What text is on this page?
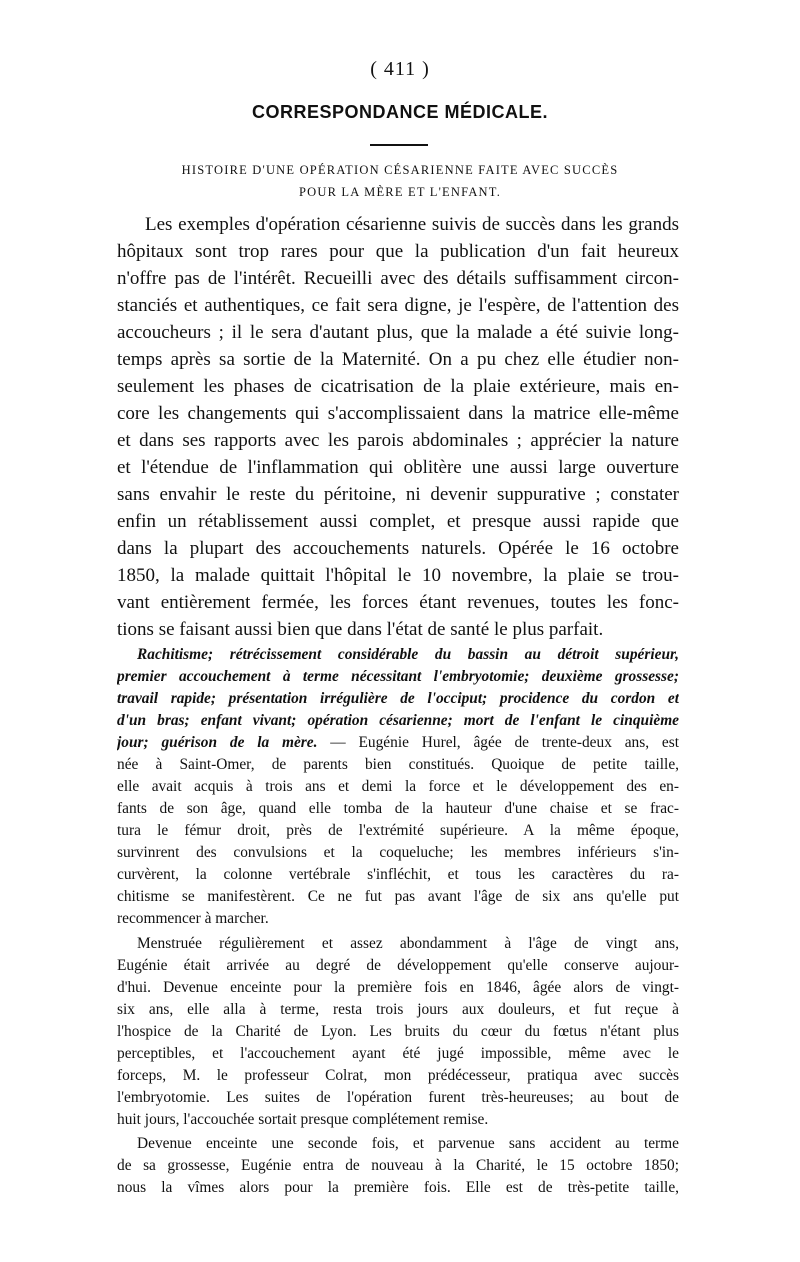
( 411 )
CORRESPONDANCE MÉDICALE.
HISTOIRE D'UNE OPÉRATION CÉSARIENNE FAITE AVEC SUCCÈS
POUR LA MÈRE ET L'ENFANT.
Les exemples d'opération césarienne suivis de succès dans les grands
hôpitaux sont trop rares pour que la publication d'un fait heureux
n'offre pas de l'intérêt. Recueilli avec des détails suffisamment circon-
stanciés et authentiques, ce fait sera digne, je l'espère, de l'attention des
accoucheurs ; il le sera d'autant plus, que la malade a été suivie long-
temps après sa sortie de la Maternité. On a pu chez elle étudier non-
seulement les phases de cicatrisation de la plaie extérieure, mais en-
core les changements qui s'accomplissaient dans la matrice elle-même
et dans ses rapports avec les parois abdominales ; apprécier la nature
et l'étendue de l'inflammation qui oblitère une aussi large ouverture
sans envahir le reste du péritoine, ni devenir suppurative ; constater
enfin un rétablissement aussi complet, et presque aussi rapide que
dans la plupart des accouchements naturels. Opérée le 16 octobre
1850, la malade quittait l'hôpital le 10 novembre, la plaie se trou-
vant entièrement fermée, les forces étant revenues, toutes les fonc-
tions se faisant aussi bien que dans l'état de santé le plus parfait.
Rachitisme; rétrécissement considérable du bassin au détroit supérieur,
premier accouchement à terme nécessitant l'embryotomie; deuxième grossesse;
travail rapide; présentation irrégulière de l'occiput; procidence du cordon et
d'un bras; enfant vivant; opération césarienne; mort de l'enfant le cinquième
jour; guérison de la mère. — Eugénie Hurel, âgée de trente-deux ans, est
née à Saint-Omer, de parents bien constitués. Quoique de petite taille,
elle avait acquis à trois ans et demi la force et le développement des en-
fants de son âge, quand elle tomba de la hauteur d'une chaise et se frac-
tura le fémur droit, près de l'extrémité supérieure. A la même époque,
survinrent des convulsions et la coqueluche; les membres inférieurs s'in-
curvèrent, la colonne vertébrale s'infléchit, et tous les caractères du ra-
chitisme se manifestèrent. Ce ne fut pas avant l'âge de six ans qu'elle put
recommencer à marcher.
Menstruée régulièrement et assez abondamment à l'âge de vingt ans,
Eugénie était arrivée au degré de développement qu'elle conserve aujour-
d'hui. Devenue enceinte pour la première fois en 1846, âgée alors de vingt-
six ans, elle alla à terme, resta trois jours aux douleurs, et fut reçue à
l'hospice de la Charité de Lyon. Les bruits du cœur du fœtus n'étant plus
perceptibles, et l'accouchement ayant été jugé impossible, même avec le
forceps, M. le professeur Colrat, mon prédécesseur, pratiqua avec succès
l'embryotomie. Les suites de l'opération furent très-heureuses; au bout de
huit jours, l'accouchée sortait presque complétement remise.
Devenue enceinte une seconde fois, et parvenue sans accident au terme
de sa grossesse, Eugénie entra de nouveau à la Charité, le 15 octobre 1850;
nous la vîmes alors pour la première fois. Elle est de très-petite taille,
